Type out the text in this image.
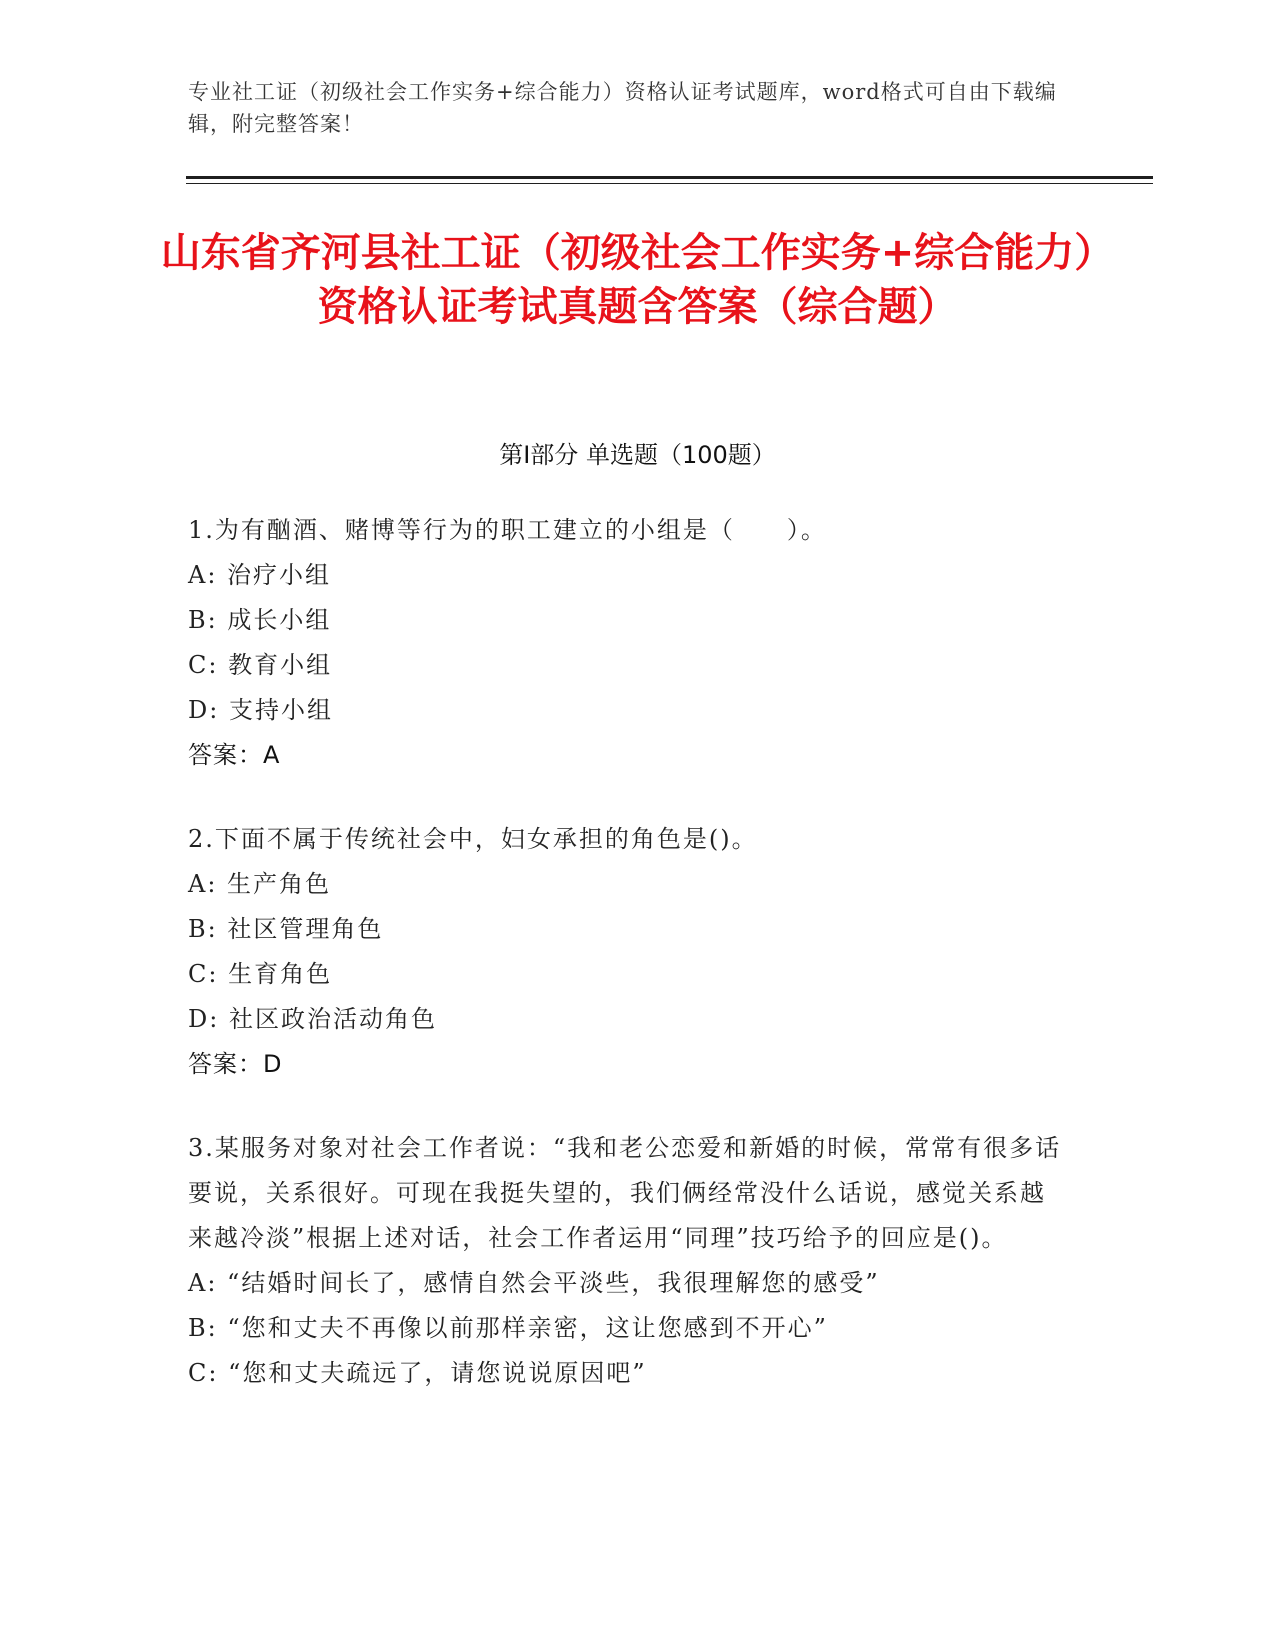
专业社工证（初级社会工作实务+综合能力）资格认证考试题库，word格式可自由下载编辑，附完整答案！
山东省齐河县社工证（初级社会工作实务+综合能力）资格认证考试真题含答案（综合题）
第I部分 单选题（100题）
1.为有酗酒、赌博等行为的职工建立的小组是（　　）。
A: 治疗小组
B: 成长小组
C: 教育小组
D: 支持小组
答案：A
2.下面不属于传统社会中，妇女承担的角色是()。
A: 生产角色
B: 社区管理角色
C: 生育角色
D: 社区政治活动角色
答案：D
3.某服务对象对社会工作者说：“我和老公恋爱和新婚的时候，常常有很多话要说，关系很好。可现在我挺失望的，我们俩经常没什么话说，感觉关系越来越冷淡”根据上述对话，社会工作者运用“同理”技巧给予的回应是()。
A: “结婚时间长了，感情自然会平淡些，我很理解您的感受”
B: “您和丈夫不再像以前那样亲密，这让您感到不开心”
C: “您和丈夫疏远了，请您说说原因吧”
